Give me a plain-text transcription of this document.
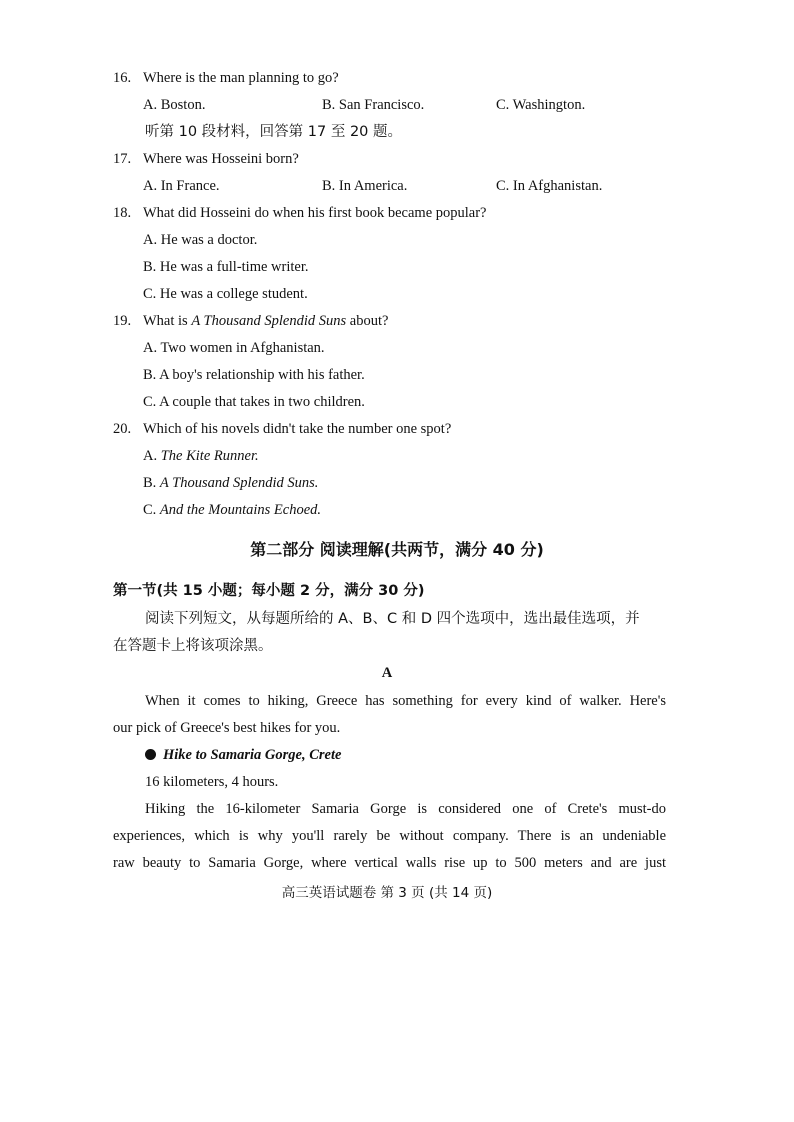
16. Where is the man planning to go?
A. Boston.	B. San Francisco.	C. Washington.
听第 10 段材料，回答第 17 至 20 题。
17. Where was Hosseini born?
A. In France.	B. In America.	C. In Afghanistan.
18. What did Hosseini do when his first book became popular?
A. He was a doctor.
B. He was a full-time writer.
C. He was a college student.
19. What is A Thousand Splendid Suns about?
A. Two women in Afghanistan.
B. A boy's relationship with his father.
C. A couple that takes in two children.
20. Which of his novels didn't take the number one spot?
A. The Kite Runner.
B. A Thousand Splendid Suns.
C. And the Mountains Echoed.
第二部分 阅读理解(共两节，满分 40 分)
第一节(共 15 小题；每小题 2 分，满分 30 分)
阅读下列短文，从每题所给的 A、B、C 和 D 四个选项中，选出最佳选项，并
在答题卡上将该项涂黑。
A
When it comes to hiking, Greece has something for every kind of walker. Here's
our pick of Greece's best hikes for you.
Hike to Samaria Gorge, Crete
16 kilometers, 4 hours.
Hiking the 16-kilometer Samaria Gorge is considered one of Crete's must-do
experiences, which is why you'll rarely be without company. There is an undeniable
raw beauty to Samaria Gorge, where vertical walls rise up to 500 meters and are just
高三英语试题卷 第 3 页 (共 14 页)
